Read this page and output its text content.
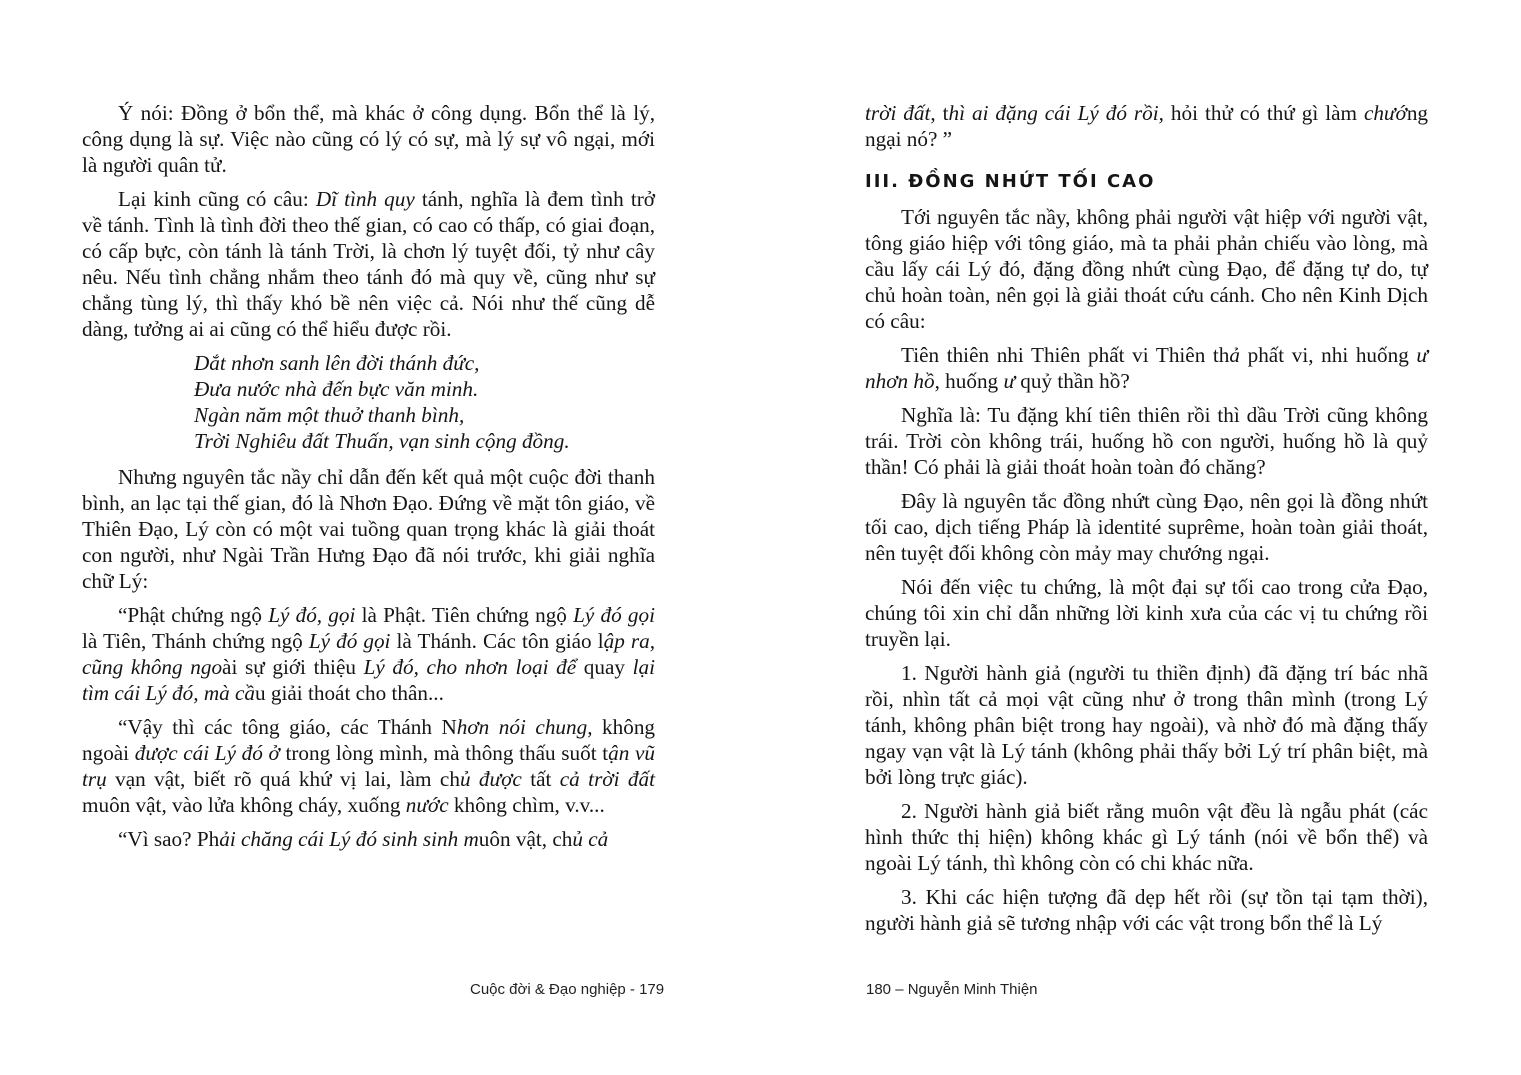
Ý nói: Đồng ở bổn thể, mà khác ở công dụng. Bổn thể là lý, công dụng là sự. Việc nào cũng có lý có sự, mà lý sự vô ngại, mới là người quân tử.

Lại kinh cũng có câu: Dĩ tình quy tánh, nghĩa là đem tình trở về tánh. Tình là tình đời theo thế gian, có cao có thấp, có giai đoạn, có cấp bực, còn tánh là tánh Trời, là chơn lý tuyệt đối, tỷ như cây nêu. Nếu tình chẳng nhắm theo tánh đó mà quy về, cũng như sự chẳng tùng lý, thì thấy khó bề nên việc cả. Nói như thế cũng dễ dàng, tưởng ai ai cũng có thể hiểu được rồi.

Dắt nhơn sanh lên đời thánh đức,
Đưa nước nhà đến bực văn minh.
Ngàn năm một thuở thanh bình,
Trời Nghiêu đất Thuấn, vạn sinh cộng đồng.

Nhưng nguyên tắc nầy chỉ dẫn đến kết quả một cuộc đời thanh bình, an lạc tại thế gian, đó là Nhơn Đạo. Đứng về mặt tôn giáo, về Thiên Đạo, Lý còn có một vai tuồng quan trọng khác là giải thoát con người, như Ngài Trần Hưng Đạo đã nói trước, khi giải nghĩa chữ Lý:

“Phật chứng ngộ Lý đó, gọi là Phật. Tiên chứng ngộ Lý đó gọi là Tiên, Thánh chứng ngộ Lý đó gọi là Thánh. Các tôn giáo lập ra, cũng không ngoài sự giới thiệu Lý đó, cho nhơn loại để quay lại tìm cái Lý đó, mà cầu giải thoát cho thân...

“Vậy thì các tông giáo, các Thánh Nhơn nói chung, không ngoài được cái Lý đó ở trong lòng mình, mà thông thấu suốt tận vũ trụ vạn vật, biết rõ quá khứ vị lai, làm chủ được tất cả trời đất muôn vật, vào lửa không cháy, xuống nước không chìm, v.v...

“Vì sao? Phải chăng cái Lý đó sinh sinh muôn vật, chủ cả

trời đất, thì ai đặng cái Lý đó rồi, hỏi thử có thứ gì làm chướng ngại nó? ”

III. ĐỒNG NHỨT TỐI CAO

Tới nguyên tắc nầy, không phải người vật hiệp với người vật, tông giáo hiệp với tông giáo, mà ta phải phản chiếu vào lòng, mà cầu lấy cái Lý đó, đặng đồng nhứt cùng Đạo, để đặng tự do, tự chủ hoàn toàn, nên gọi là giải thoát cứu cánh. Cho nên Kinh Dịch có câu:

Tiên thiên nhi Thiên phất vi Thiên thả phất vi, nhi huống ư nhơn hồ, huống ư quỷ thần hồ?

Nghĩa là: Tu đặng khí tiên thiên rồi thì dầu Trời cũng không trái. Trời còn không trái, huống hồ con người, huống hồ là quỷ thần! Có phải là giải thoát hoàn toàn đó chăng?

Đây là nguyên tắc đồng nhứt cùng Đạo, nên gọi là đồng nhứt tối cao, dịch tiếng Pháp là identité suprême, hoàn toàn giải thoát, nên tuyệt đối không còn mảy may chướng ngại.

Nói đến việc tu chứng, là một đại sự tối cao trong cửa Đạo, chúng tôi xin chỉ dẫn những lời kinh xưa của các vị tu chứng rồi truyền lại.

1. Người hành giả (người tu thiền định) đã đặng trí bác nhã rồi, nhìn tất cả mọi vật cũng như ở trong thân mình (trong Lý tánh, không phân biệt trong hay ngoài), và nhờ đó mà đặng thấy ngay vạn vật là Lý tánh (không phải thấy bởi Lý trí phân biệt, mà bởi lòng trực giác).

2. Người hành giả biết rằng muôn vật đều là ngẫu phát (các hình thức thị hiện) không khác gì Lý tánh (nói về bổn thể) và ngoài Lý tánh, thì không còn có chi khác nữa.

3. Khi các hiện tượng đã dẹp hết rồi (sự tồn tại tạm thời), người hành giả sẽ tương nhập với các vật trong bổn thể là Lý

Cuộc đời & Đạo nghiệp - 179	180 – Nguyễn Minh Thiện
